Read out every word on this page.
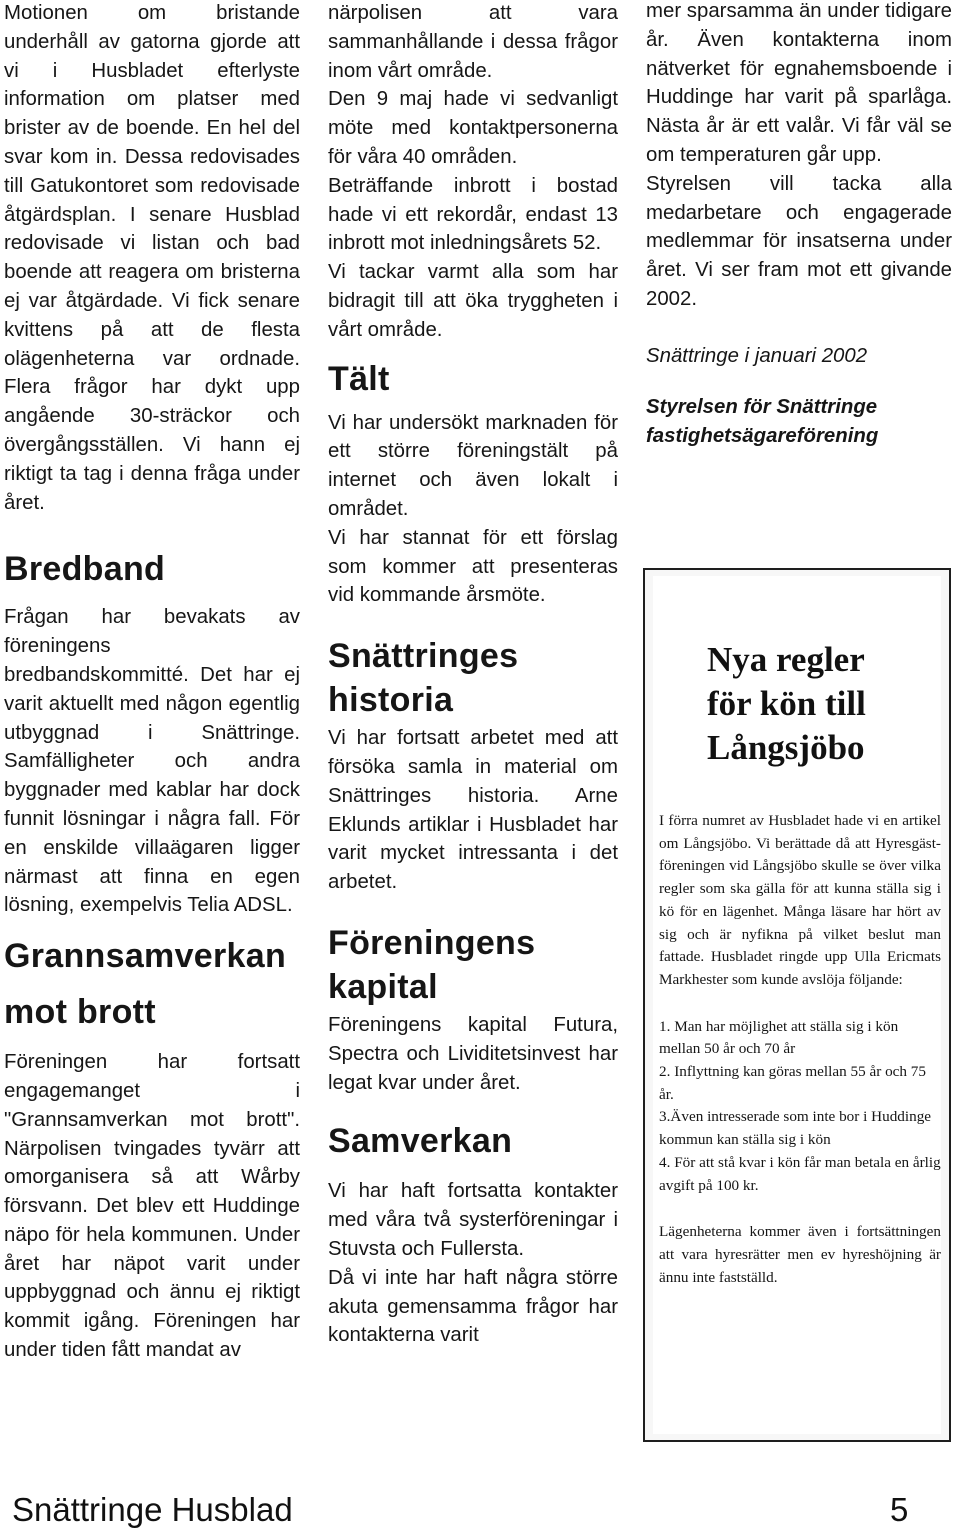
Motionen om bristande underhåll av gatorna gjorde att vi i Husbladet efterlyste information om platser med brister av de boende. En hel del svar kom in. Dessa redovisades till Gatukontoret som redovisade åtgärdsplan. I senare Husblad redovisade vi listan och bad boende att reagera om bristerna ej var åtgärdade. Vi fick senare kvittens på att de flesta olägenheterna var ordnade. Flera frågor har dykt upp angående 30-sträckor och övergångsställen. Vi hann ej riktigt ta tag i denna fråga under året.

Bredband

Frågan har bevakats av föreningens bredbandskommitté. Det har ej varit aktuellt med någon egentlig utbyggnad i Snättringe. Samfälligheter och andra byggnader med kablar har dock funnit lösningar i några fall. För en enskilde villaägaren ligger närmast att finna en egen lösning, exempelvis Telia ADSL.

Grannsamverkan
mot brott

Föreningen har fortsatt engagemanget i "Grannsamverkan mot brott". Närpolisen tvingades tyvärr att omorganisera så att Wårby försvann. Det blev ett Huddinge näpo för hela kommunen. Under året har näpot varit under uppbyggnad och ännu ej riktigt kommit igång. Föreningen har under tiden fått mandat av

närpolisen att vara sammanhållande i dessa frågor inom vårt område.

Den 9 maj hade vi sedvanligt möte med kontaktpersonerna för våra 40 områden.

Beträffande inbrott i bostad hade vi ett rekordår, endast 13 inbrott mot inledningsårets 52.

Vi tackar varmt alla som har bidragit till att öka tryggheten i vårt område.

Tält

Vi har undersökt marknaden för ett större föreningstält på internet och även lokalt i området.

Vi har stannat för ett förslag som kommer att presenteras vid kommande årsmöte.

Snättringes
historia

Vi har fortsatt arbetet med att försöka samla in material om Snättringes historia. Arne Eklunds artiklar i Husbladet har varit mycket intressanta i det arbetet.

Föreningens
kapital

Föreningens kapital Futura, Spectra och Lividitetsinvest har legat kvar under året.

Samverkan

Vi har haft fortsatta kontakter med våra två systerföreningar i Stuvsta och Fullersta.

Då vi inte har haft några större akuta gemensamma frågor har kontakterna varit

mer sparsamma än under tidigare år. Även kontakterna inom nätverket för egnahemsboende i Huddinge har varit på sparlåga. Nästa år är ett valår. Vi får väl se om temperaturen går upp.

Styrelsen vill tacka alla medarbetare och engagerade medlemmar för insatserna under året. Vi ser fram mot ett givande 2002.

Snättringe i januari 2002

Styrelsen för Snättringe

fastighetsägareförening

Nya regler
för kön till
Långsjöbo

I förra numret av Husbladet hade vi en artikel om Långsjöbo. Vi berättade då att Hyresgäst-föreningen vid Långsjöbo skulle se över vilka regler som ska gälla för att kunna ställa sig i kö för en lägenhet. Många läsare har hört av sig och är nyfikna på vilket beslut man fattade. Husbladet ringde upp Ulla Ericmats Markhester som kunde avslöja följande:

1. Man har möjlighet att ställa sig i kön mellan 50 år och 70 år
2. Inflyttning kan göras mellan 55 år och 75 år.
3.Även intresserade som inte bor i Huddinge kommun kan ställa sig i kön
4. För att stå kvar i kön får man betala en årlig avgift på 100 kr.

Lägenheterna kommer även i fortsättningen att vara hyresrätter men ev hyreshöjning är ännu inte fastställd.

Snättringe Husblad	5
